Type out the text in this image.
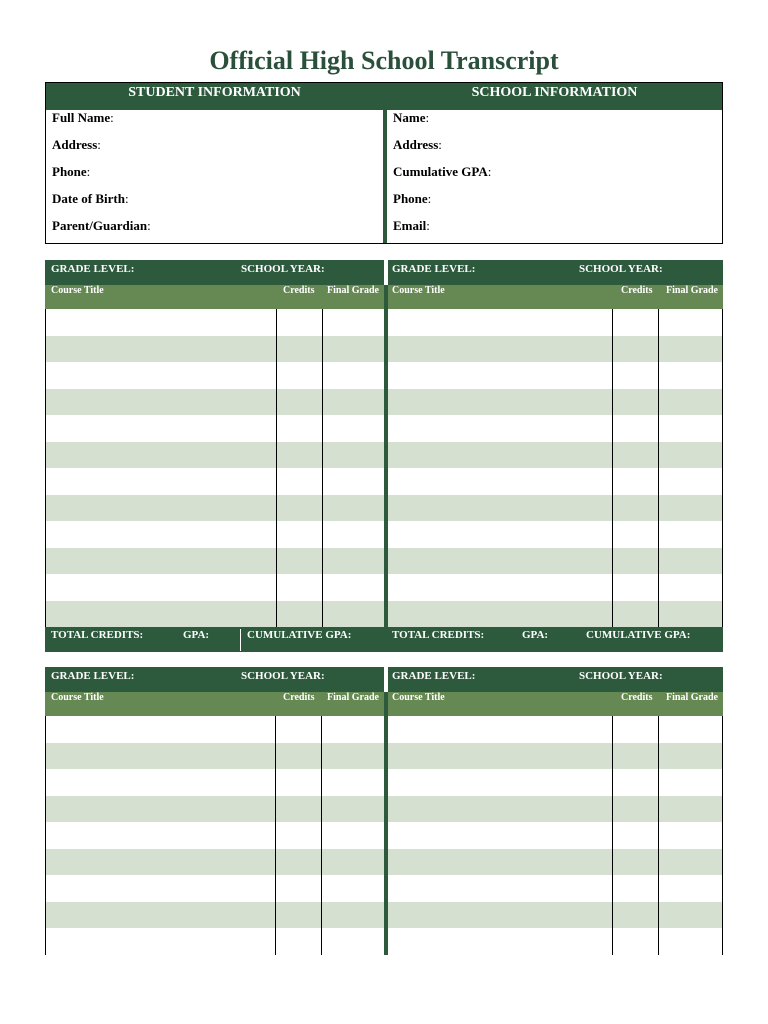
Official High School Transcript
STUDENT INFORMATION	SCHOOL INFORMATION
Full Name:
Address:
Phone:
Date of Birth:
Parent/Guardian:
Name:
Address:
Cumulative GPA:
Phone:
Email:
GRADE LEVEL:	SCHOOL YEAR:
Course Title	Credits Final Grade
GRADE LEVEL:	SCHOOL YEAR:
Course Title	Credits Final Grade
TOTAL CREDITS:	GPA:	CUMULATIVE GPA:	TOTAL CREDITS:	GPA:	CUMULATIVE GPA:
GRADE LEVEL:	SCHOOL YEAR:
Course Title	Credits Final Grade
GRADE LEVEL:	SCHOOL YEAR:
Course Title	Credits Final Grade
